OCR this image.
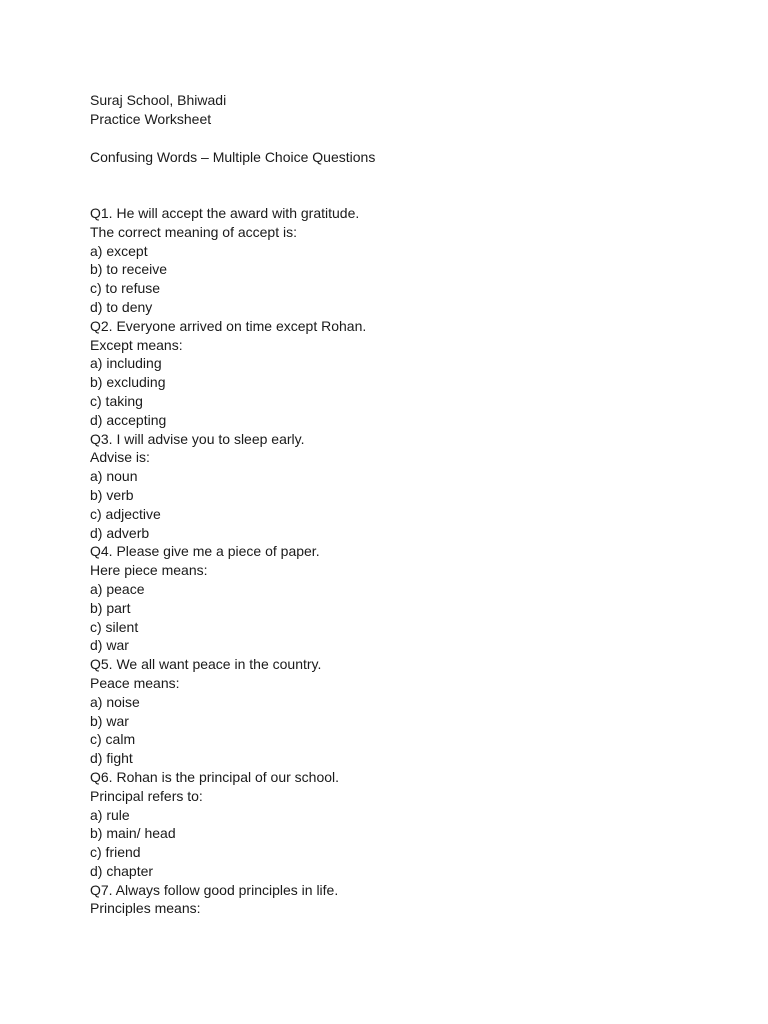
Suraj School, Bhiwadi
Practice Worksheet
Confusing Words – Multiple Choice Questions
Q1. He will accept the award with gratitude.
The correct meaning of accept is:
a) except
b) to receive
c) to refuse
d) to deny
Q2. Everyone arrived on time except Rohan.
Except means:
a) including
b) excluding
c) taking
d) accepting
Q3. I will advise you to sleep early.
Advise is:
a) noun
b) verb
c) adjective
d) adverb
Q4. Please give me a piece of paper.
Here piece means:
a) peace
b) part
c) silent
d) war
Q5. We all want peace in the country.
Peace means:
a) noise
b) war
c) calm
d) fight
Q6. Rohan is the principal of our school.
Principal refers to:
a) rule
b) main/ head
c) friend
d) chapter
Q7. Always follow good principles in life.
Principles means:
